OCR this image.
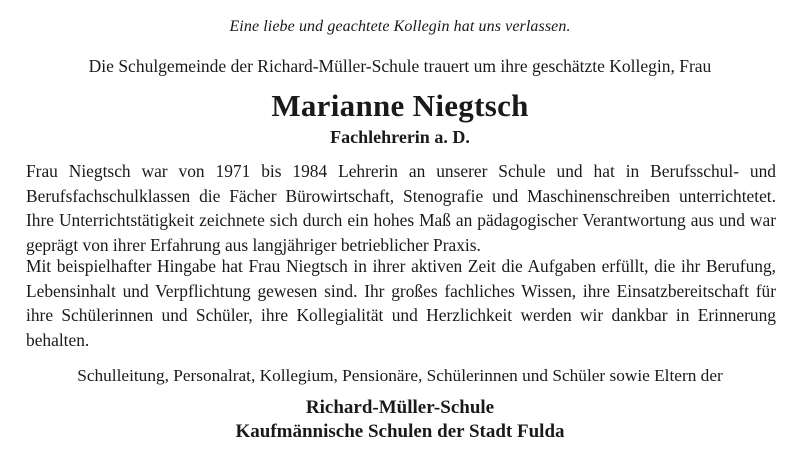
Eine liebe und geachtete Kollegin hat uns verlassen.

Die Schulgemeinde der Richard-Müller-Schule trauert um ihre geschätzte Kollegin, Frau

Marianne Niegtsch

Fachlehrerin a. D.

Frau Niegtsch war von 1971 bis 1984 Lehrerin an unserer Schule und hat in Berufsschul- und Berufsfachschulklassen die Fächer Bürowirtschaft, Stenografie und Maschinenschreiben unterrichtetet. Ihre Unterrichtstätigkeit zeichnete sich durch ein hohes Maß an pädagogischer Verantwortung aus und war geprägt von ihrer Erfahrung aus langjähriger betrieblicher Praxis.

Mit beispielhafter Hingabe hat Frau Niegtsch in ihrer aktiven Zeit die Aufgaben erfüllt, die ihr Berufung, Lebensinhalt und Verpflichtung gewesen sind. Ihr großes fachliches Wissen, ihre Einsatzbereitschaft für ihre Schülerinnen und Schüler, ihre Kollegialität und Herzlichkeit werden wir dankbar in Erinnerung behalten.

Schulleitung, Personalrat, Kollegium, Pensionäre, Schülerinnen und Schüler sowie Eltern der

Richard-Müller-Schule
Kaufmännische Schulen der Stadt Fulda
